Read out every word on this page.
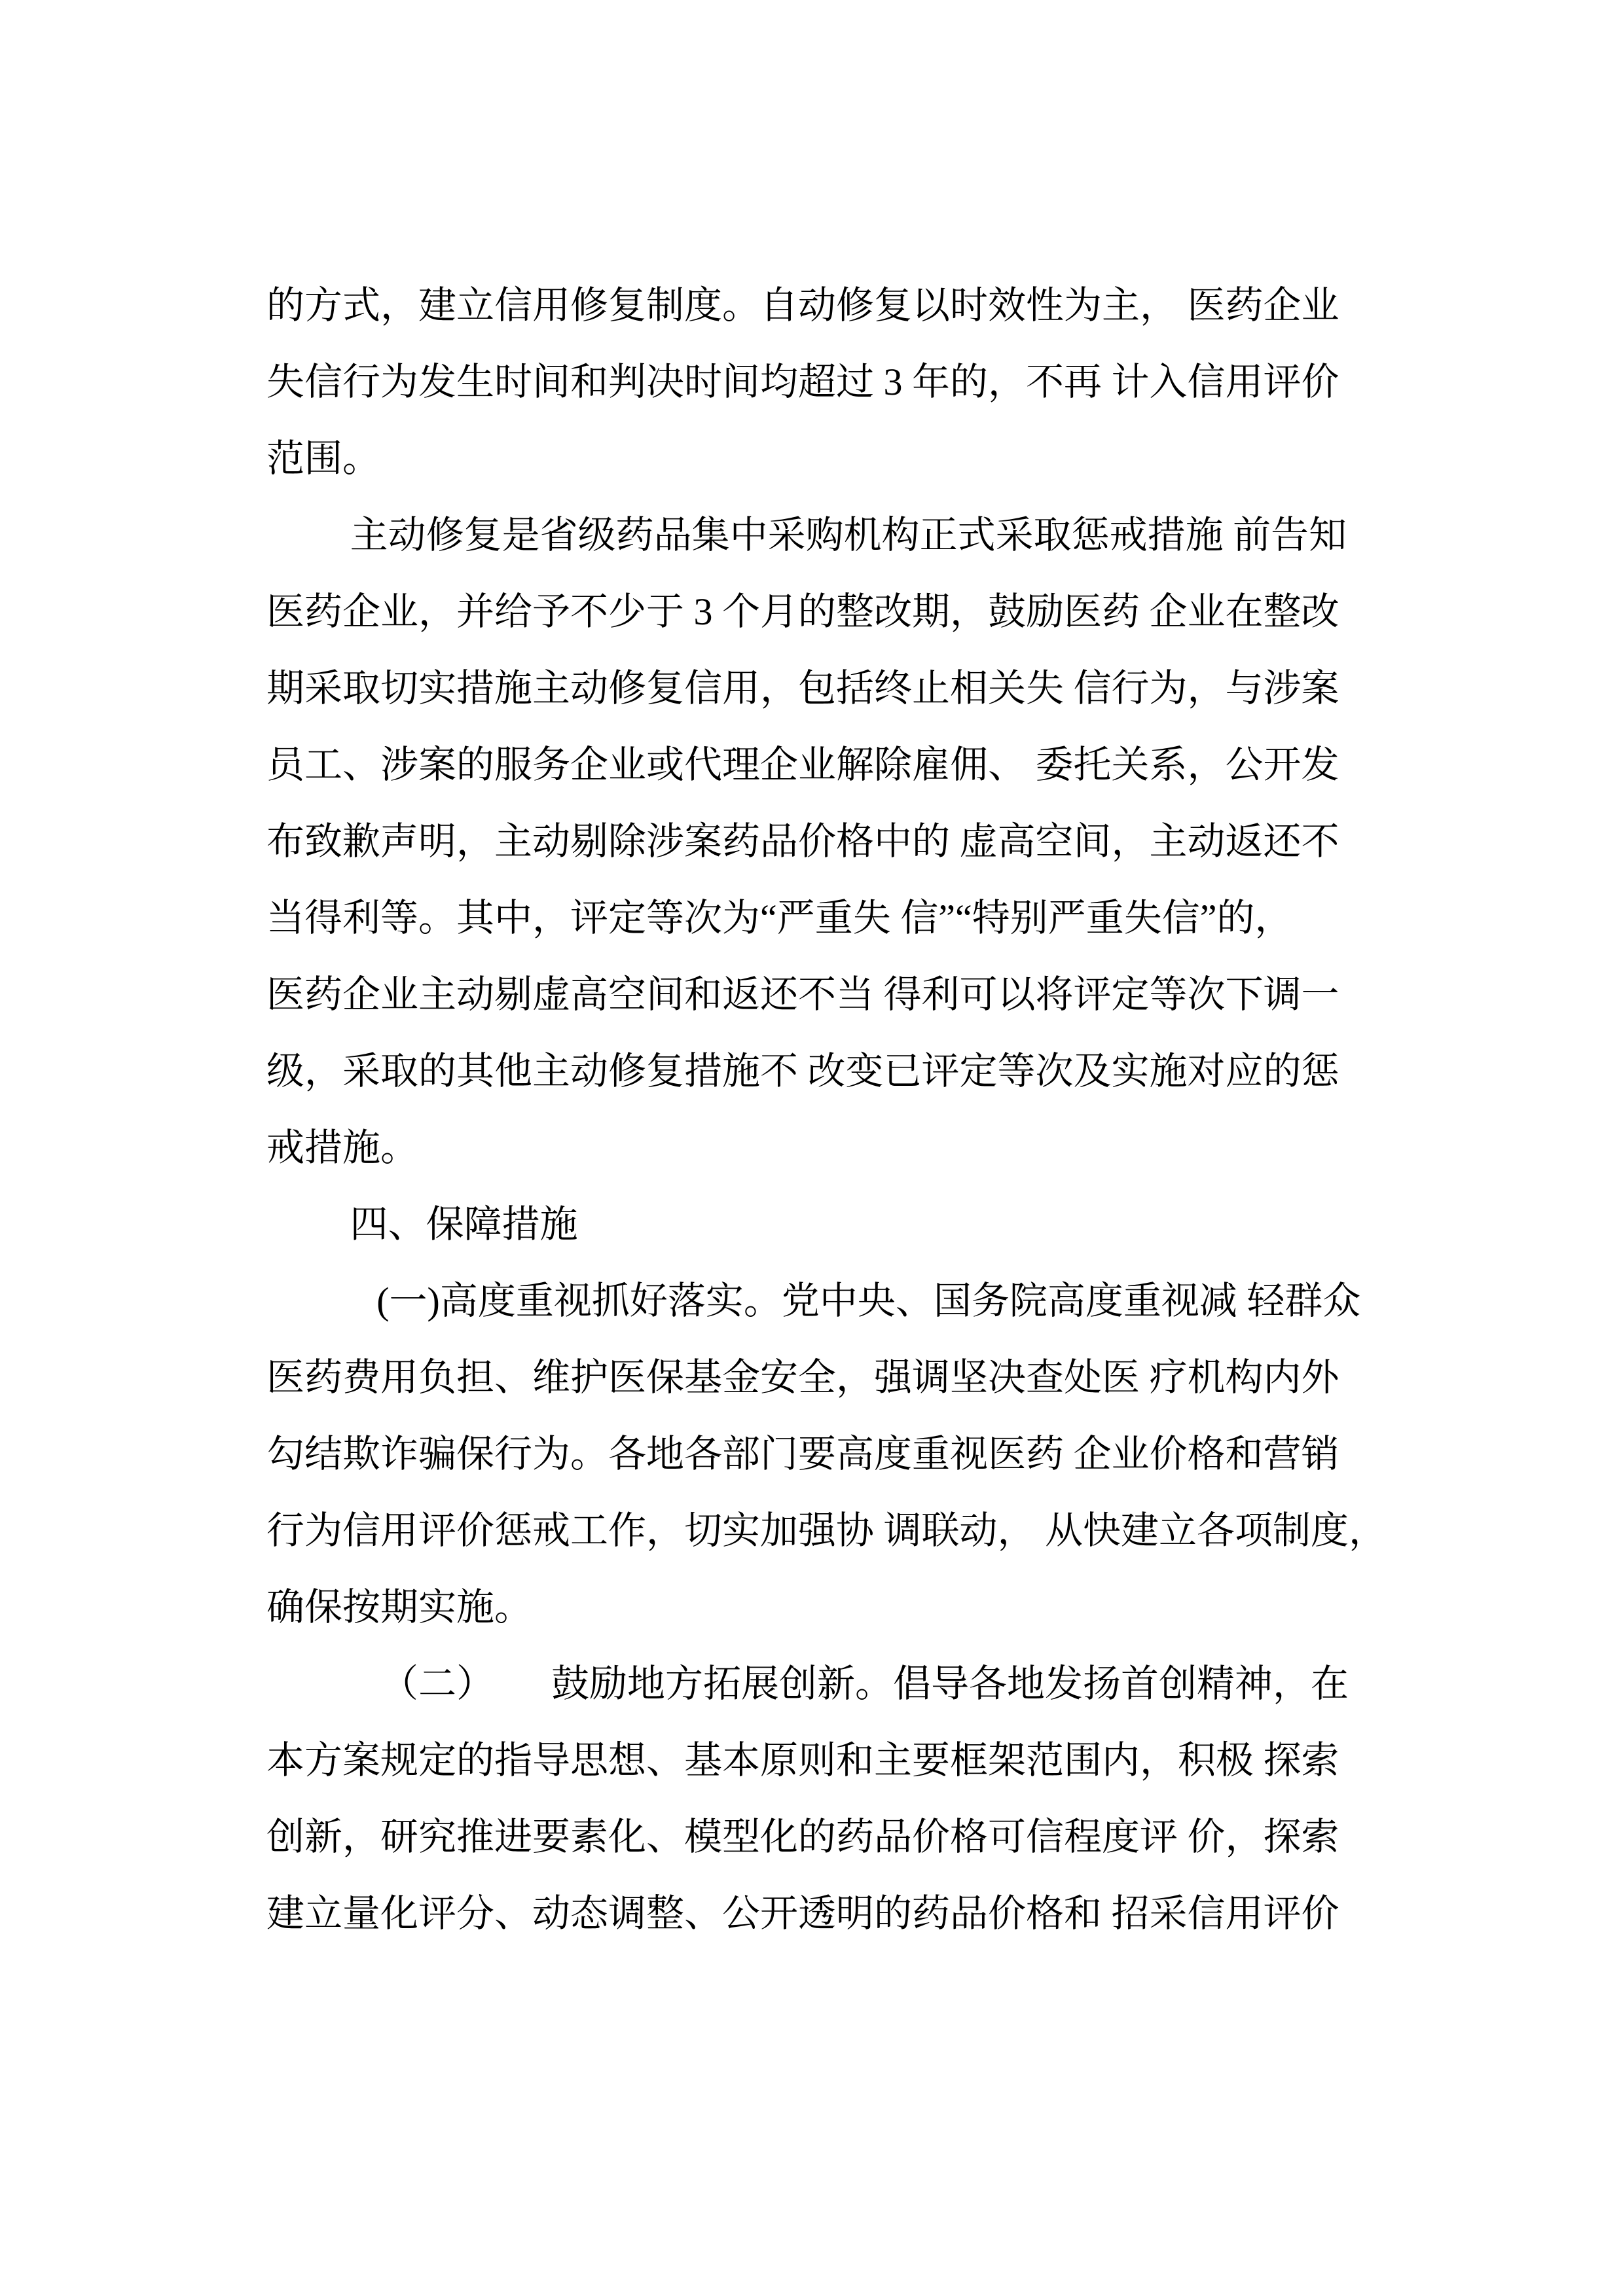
的方式，建立信用修复制度。自动修复以时效性为主， 医药企业
失信行为发生时间和判决时间均超过 3 年的，不再 计入信用评价
范围。
主动修复是省级药品集中采购机构正式采取惩戒措施 前告知
医药企业，并给予不少于 3 个月的整改期，鼓励医药 企业在整改
期采取切实措施主动修复信用，包括终止相关失 信行为，与涉案
员工、涉案的服务企业或代理企业解除雇佣、 委托关系，公开发
布致歉声明，主动剔除涉案药品价格中的 虚高空间，主动返还不
当得利等。其中，评定等次为“严重失 信”“特别严重失信”的，
医药企业主动剔虚高空间和返还不当 得利可以将评定等次下调一
级，采取的其他主动修复措施不 改变已评定等次及实施对应的惩
戒措施。
四、保障措施
(一)高度重视抓好落实。党中央、国务院高度重视减 轻群众
医药费用负担、维护医保基金安全，强调坚决查处医 疗机构内外
勾结欺诈骗保行为。各地各部门要高度重视医药 企业价格和营销
行为信用评价惩戒工作，切实加强协 调联动， 从快建立各项制度，
确保按期实施。
（二）　　鼓励地方拓展创新。倡导各地发扬首创精神，在
本方案规定的指导思想、基本原则和主要框架范围内，积极 探索
创新，研究推进要素化、模型化的药品价格可信程度评 价，探索
建立量化评分、动态调整、公开透明的药品价格和 招采信用评价
